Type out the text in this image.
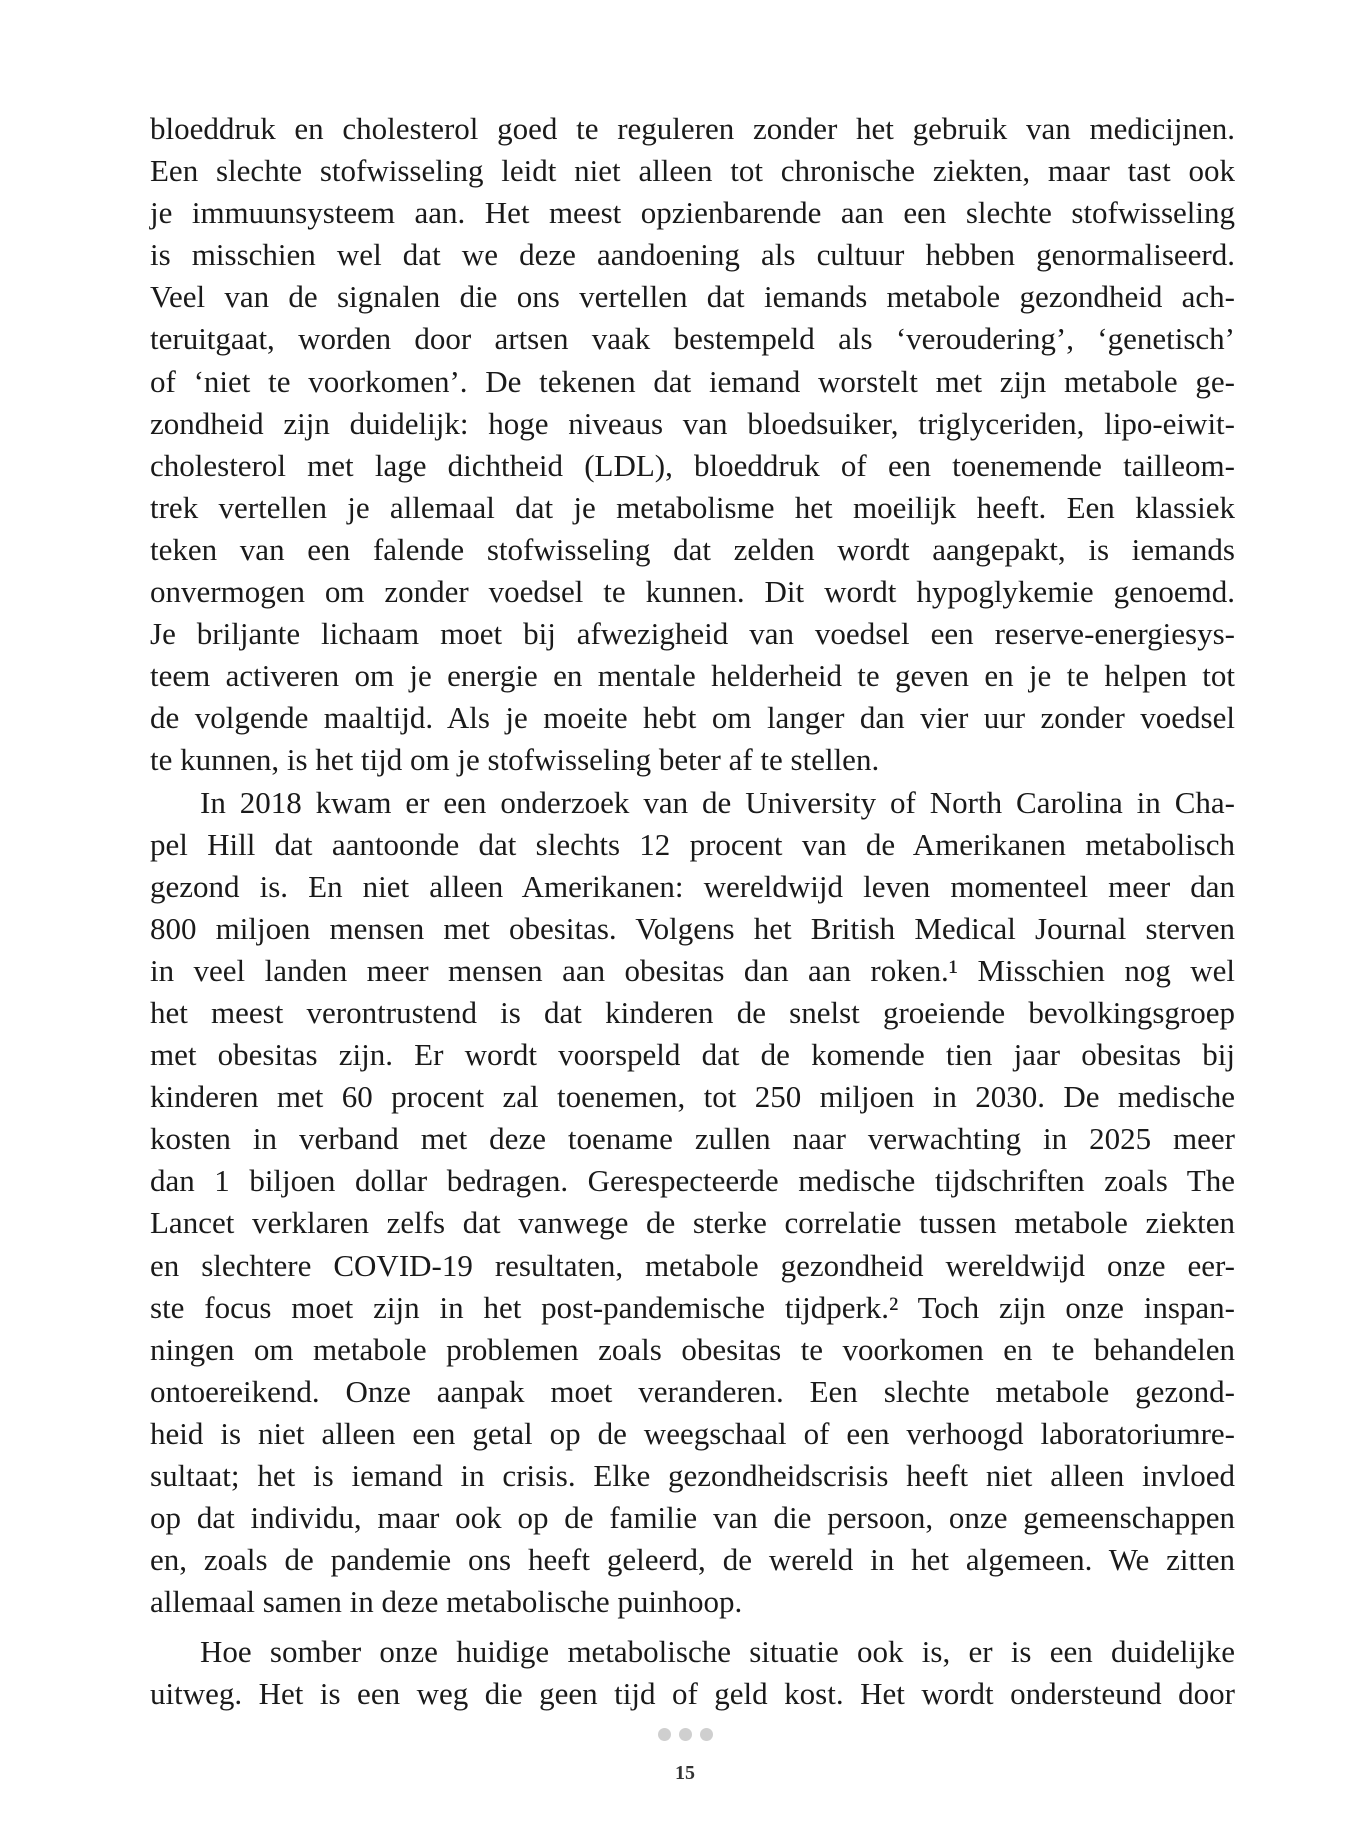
bloeddruk en cholesterol goed te reguleren zonder het gebruik van medicijnen.
Een slechte stofwisseling leidt niet alleen tot chronische ziekten, maar tast ook
je immuunsysteem aan. Het meest opzienbarende aan een slechte stofwisseling
is misschien wel dat we deze aandoening als cultuur hebben genormaliseerd.
Veel van de signalen die ons vertellen dat iemands metabole gezondheid ach-
teruitgaat, worden door artsen vaak bestempeld als ‘veroudering’, ‘genetisch’
of ‘niet te voorkomen’. De tekenen dat iemand worstelt met zijn metabole ge-
zondheid zijn duidelijk: hoge niveaus van bloedsuiker, triglyceriden, lipo-eiwit-
cholesterol met lage dichtheid (LDL), bloeddruk of een toenemende tailleom-
trek vertellen je allemaal dat je metabolisme het moeilijk heeft. Een klassiek
teken van een falende stofwisseling dat zelden wordt aangepakt, is iemands
onvermogen om zonder voedsel te kunnen. Dit wordt hypoglykemie genoemd.
Je briljante lichaam moet bij afwezigheid van voedsel een reserve-energiesys-
teem activeren om je energie en mentale helderheid te geven en je te helpen tot
de volgende maaltijd. Als je moeite hebt om langer dan vier uur zonder voedsel
te kunnen, is het tijd om je stofwisseling beter af te stellen.
In 2018 kwam er een onderzoek van de University of North Carolina in Cha-
pel Hill dat aantoonde dat slechts 12 procent van de Amerikanen metabolisch
gezond is. En niet alleen Amerikanen: wereldwijd leven momenteel meer dan
800 miljoen mensen met obesitas. Volgens het British Medical Journal sterven
in veel landen meer mensen aan obesitas dan aan roken.¹ Misschien nog wel
het meest verontrustend is dat kinderen de snelst groeiende bevolkingsgroep
met obesitas zijn. Er wordt voorspeld dat de komende tien jaar obesitas bij
kinderen met 60 procent zal toenemen, tot 250 miljoen in 2030. De medische
kosten in verband met deze toename zullen naar verwachting in 2025 meer
dan 1 biljoen dollar bedragen. Gerespecteerde medische tijdschriften zoals The
Lancet verklaren zelfs dat vanwege de sterke correlatie tussen metabole ziekten
en slechtere COVID-19 resultaten, metabole gezondheid wereldwijd onze eer-
ste focus moet zijn in het post-pandemische tijdperk.² Toch zijn onze inspan-
ningen om metabole problemen zoals obesitas te voorkomen en te behandelen
ontoereikend. Onze aanpak moet veranderen. Een slechte metabole gezond-
heid is niet alleen een getal op de weegschaal of een verhoogd laboratoriumre-
sultaat; het is iemand in crisis. Elke gezondheidscrisis heeft niet alleen invloed
op dat individu, maar ook op de familie van die persoon, onze gemeenschappen
en, zoals de pandemie ons heeft geleerd, de wereld in het algemeen. We zitten
allemaal samen in deze metabolische puinhoop.
Hoe somber onze huidige metabolische situatie ook is, er is een duidelijke
uitweg. Het is een weg die geen tijd of geld kost. Het wordt ondersteund door
15
